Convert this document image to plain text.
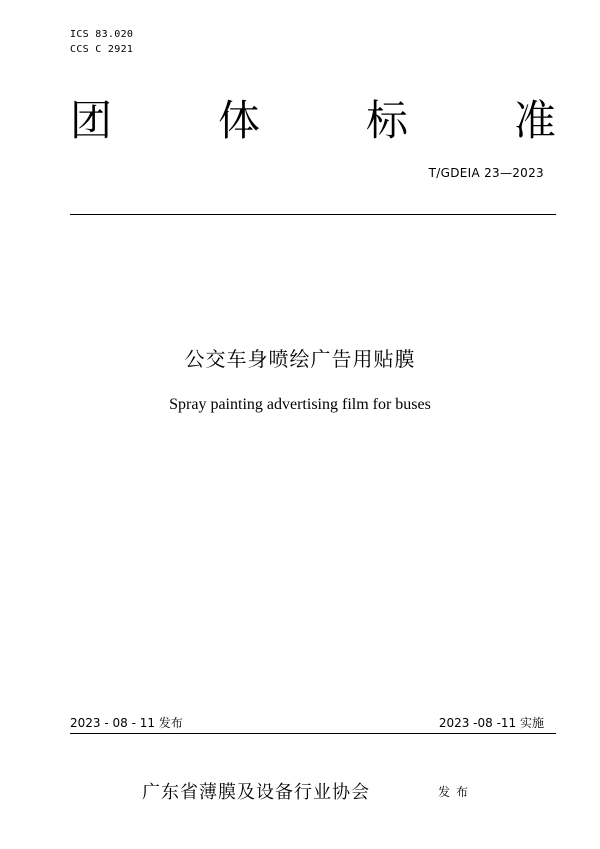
ICS 83.020
CCS C 2921
团	体	标	准
T/GDEIA 23—2023
公交车身喷绘广告用贴膜
Spray painting advertising film for buses
2023 - 08 - 11 发布	2023 -08 -11 实施
广东省薄膜及设备行业协会	发布
